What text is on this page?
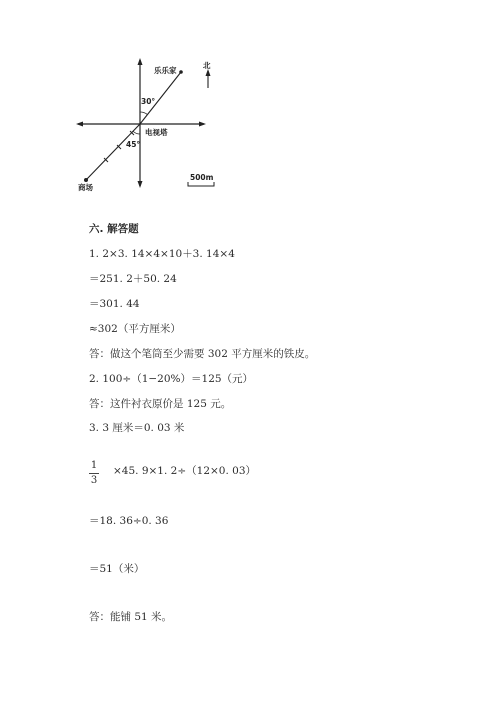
乐乐家
北
30°
电视塔
45°
商场
500m
六. 解答题
1. 2×3. 14×4×10＋3. 14×4
＝251. 2＋50. 24
＝301. 44
≈302（平方厘米）
答：做这个笔筒至少需要 302 平方厘米的铁皮。
2. 100÷（1−20%）＝125（元）
答：这件衬衣原价是 125 元。
3. 3 厘米＝0. 03 米
1
3
×45. 9×1. 2÷（12×0. 03）
＝18. 36÷0. 36
＝51（米）
答：能铺 51 米。
